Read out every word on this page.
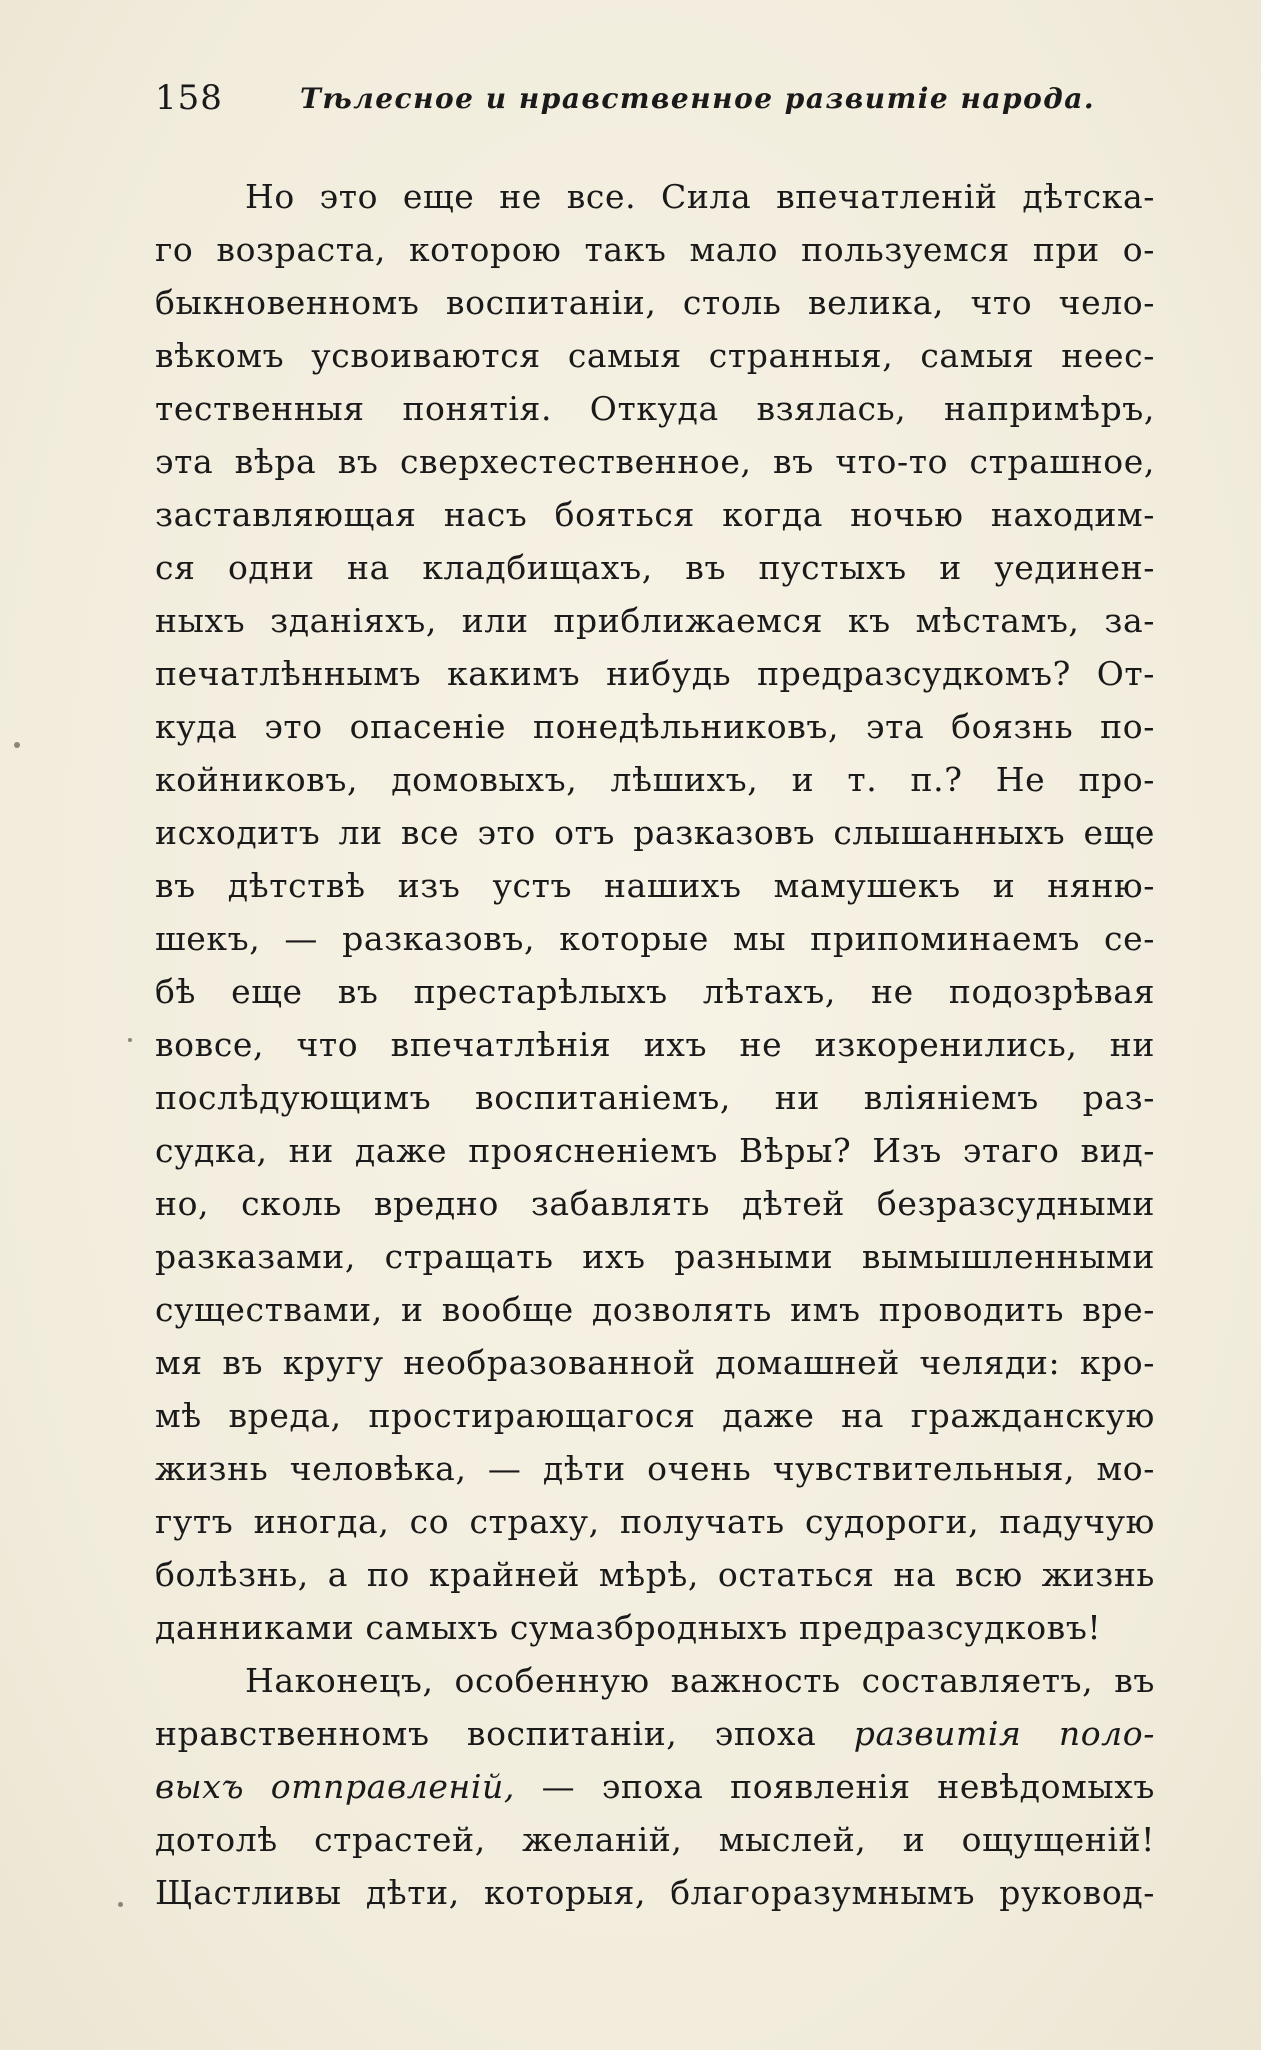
158	Тѣлесное и нравственное развитіе народа.
Но это еще не все. Сила впечатленій дѣтска-
го возраста, которою такъ мало пользуемся при о-
быкновенномъ воспитаніи, столь велика, что чело-
вѣкомъ усвоиваются самыя странныя, самыя неес-
тественныя понятія. Откуда взялась, напримѣръ,
эта вѣра въ сверхестественное, въ что-то страшное,
заставляющая насъ бояться когда ночью находим-
ся одни на кладбищахъ, въ пустыхъ и уединен-
ныхъ зданіяхъ, или приближаемся къ мѣстамъ, за-
печатлѣннымъ какимъ нибудь предразсудкомъ? От-
куда это опасеніе понедѣльниковъ, эта боязнь по-
койниковъ, домовыхъ, лѣшихъ, и т. п.? Не про-
исходитъ ли все это отъ разказовъ слышанныхъ еще
въ дѣтствѣ изъ устъ нашихъ мамушекъ и няню-
шекъ, — разказовъ, которые мы припоминаемъ се-
бѣ еще въ престарѣлыхъ лѣтахъ, не подозрѣвая
вовсе, что впечатлѣнія ихъ не изкоренились, ни
послѣдующимъ воспитаніемъ, ни вліяніемъ раз-
судка, ни даже проясненіемъ Вѣры? Изъ этаго вид-
но, сколь вредно забавлять дѣтей безразсудными
разказами, стращать ихъ разными вымышленными
существами, и вообще дозволять имъ проводить вре-
мя въ кругу необразованной домашней челяди: кро-
мѣ вреда, простирающагося даже на гражданскую
жизнь человѣка, — дѣти очень чувствительныя, мо-
гутъ иногда, со страху, получать судороги, падучую
болѣзнь, а по крайней мѣрѣ, остаться на всю жизнь
данниками самыхъ сумазбродныхъ предразсудковъ!
Наконецъ, особенную важность составляетъ, въ
нравственномъ воспитаніи, эпоха развитія поло-
выхъ отправленій, — эпоха появленія невѣдомыхъ
дотолѣ страстей, желаній, мыслей, и ощущеній!
Щастливы дѣти, которыя, благоразумнымъ руковод-
